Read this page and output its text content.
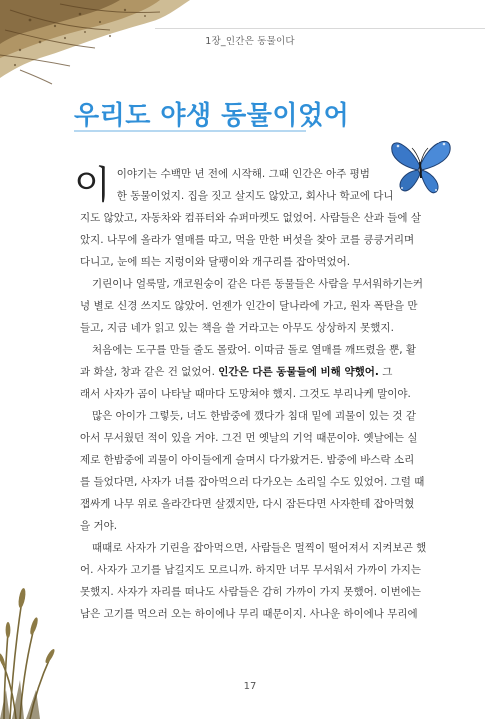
1장_인간은 동물이다
우리도 야생 동물이었어

이 이야기는 수백만 년 전에 시작해. 그때 인간은 아주 평범
한 동물이었지. 집을 짓고 살지도 않았고, 회사나 학교에 다니
지도 않았고, 자동차와 컴퓨터와 슈퍼마켓도 없었어. 사람들은 산과 들에 살
았지. 나무에 올라가 열매를 따고, 먹을 만한 버섯을 찾아 코를 킁킁거리며
다니고, 눈에 띄는 지렁이와 달팽이와 개구리를 잡아먹었어.

기린이나 얼룩말, 개코원숭이 같은 다른 동물들은 사람을 무서워하기는커
녕 별로 신경 쓰지도 않았어. 언젠가 인간이 달나라에 가고, 원자 폭탄을 만
들고, 지금 네가 읽고 있는 책을 쓸 거라고는 아무도 상상하지 못했지.

처음에는 도구를 만들 줄도 몰랐어. 이따금 돌로 열매를 깨뜨렸을 뿐, 활
과 화살, 창과 같은 건 없었어. 인간은 다른 동물들에 비해 약했어. 그
래서 사자가 곰이 나타날 때마다 도망쳐야 했지. 그것도 부리나케 말이야.

많은 아이가 그렇듯, 너도 한밤중에 깼다가 침대 밑에 괴물이 있는 것 같
아서 무서웠던 적이 있을 거야. 그건 먼 옛날의 기억 때문이야. 옛날에는 실
제로 한밤중에 괴물이 아이들에게 슬며시 다가왔거든. 밤중에 바스락 소리
를 들었다면, 사자가 너를 잡아먹으러 다가오는 소리일 수도 있었어. 그럴 때
잽싸게 나무 위로 올라간다면 살겠지만, 다시 잠든다면 사자한테 잡아먹혔
을 거야.

때때로 사자가 기린을 잡아먹으면, 사람들은 멀찍이 떨어져서 지켜보곤 했
어. 사자가 고기를 남길지도 모르니까. 하지만 너무 무서워서 가까이 가지는
못했지. 사자가 자리를 떠나도 사람들은 감히 가까이 가지 못했어. 이번에는
남은 고기를 먹으러 오는 하이에나 무리 때문이지. 사나운 하이에나 무리에

17
